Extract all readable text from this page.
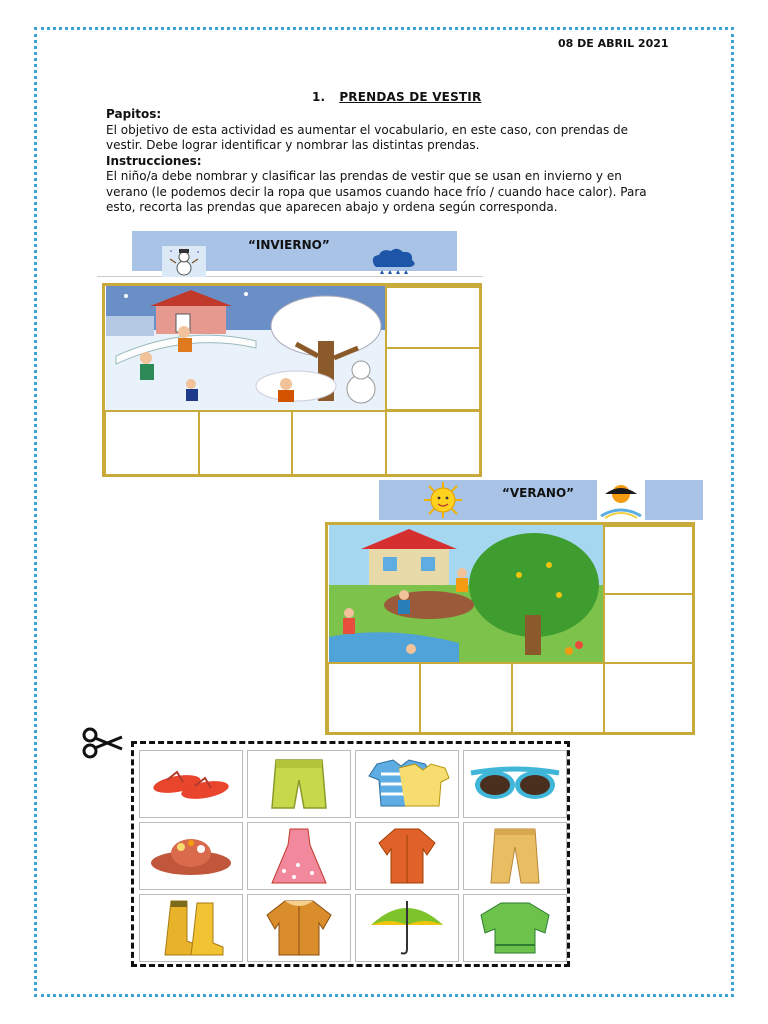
08 DE ABRIL 2021
1. PRENDAS DE VESTIR
Papitos:

El objetivo de esta actividad es aumentar el vocabulario, en este caso, con prendas de vestir. Debe lograr identificar y nombrar las distintas prendas.

Instrucciones:

El niño/a debe nombrar y clasificar las prendas de vestir que se usan en invierno y en verano (le podemos decir la ropa que usamos cuando hace frío / cuando hace calor). Para esto, recorta las prendas que aparecen abajo y ordena según corresponda.

“INVIERNO”
“VERANO”
